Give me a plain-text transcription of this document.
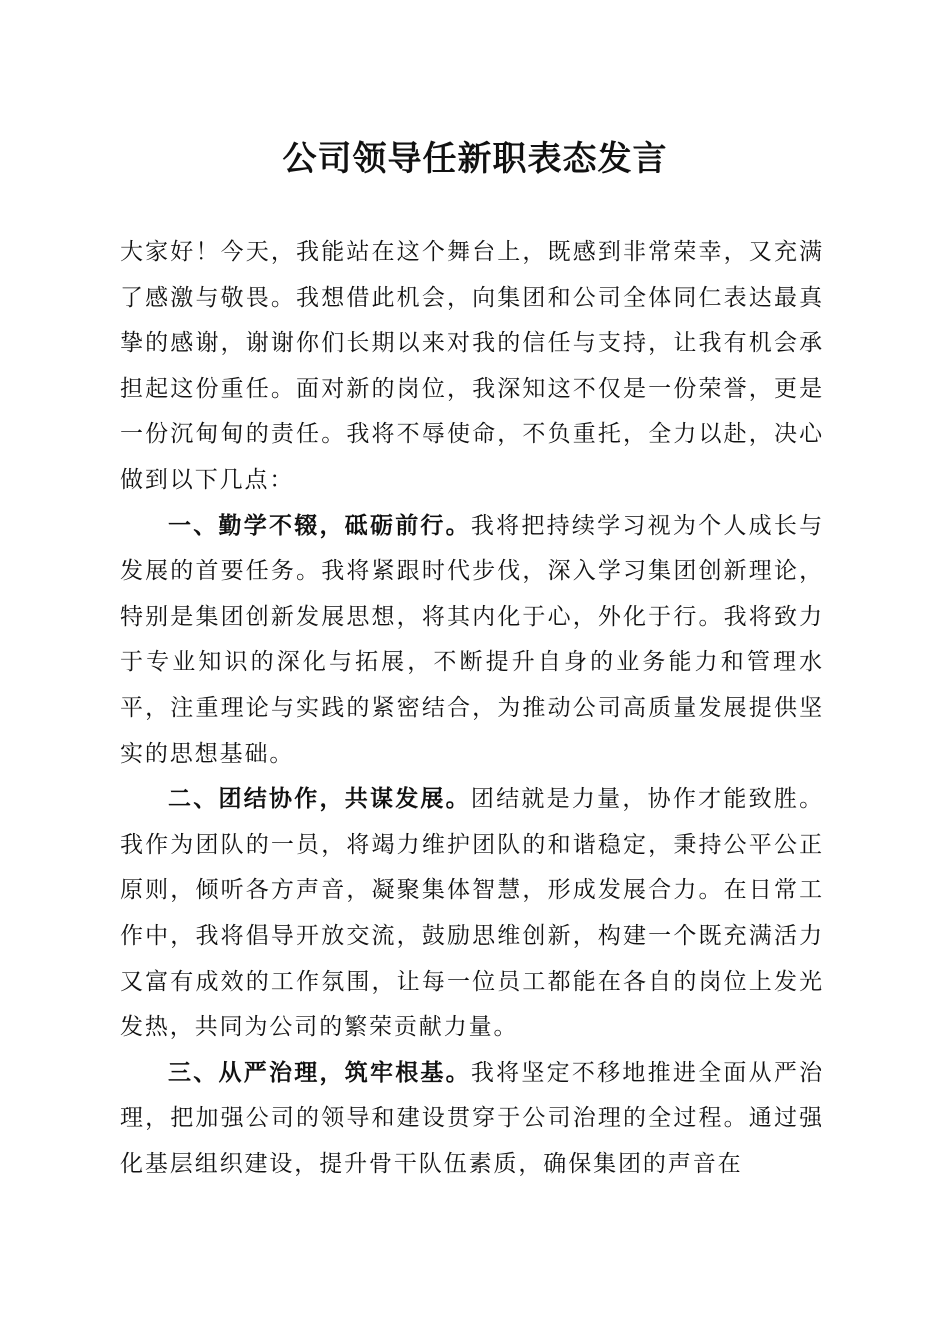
公司领导任新职表态发言

大家好！今天，我能站在这个舞台上，既感到非常荣幸，又充满了感激与敬畏。我想借此机会，向集团和公司全体同仁表达最真挚的感谢，谢谢你们长期以来对我的信任与支持，让我有机会承担起这份重任。面对新的岗位，我深知这不仅是一份荣誉，更是一份沉甸甸的责任。我将不辱使命，不负重托，全力以赴，决心做到以下几点：

一、勤学不辍，砥砺前行。我将把持续学习视为个人成长与发展的首要任务。我将紧跟时代步伐，深入学习集团创新理论，特别是集团创新发展思想，将其内化于心，外化于行。我将致力于专业知识的深化与拓展，不断提升自身的业务能力和管理水平，注重理论与实践的紧密结合，为推动公司高质量发展提供坚实的思想基础。

二、团结协作，共谋发展。团结就是力量，协作才能致胜。我作为团队的一员，将竭力维护团队的和谐稳定，秉持公平公正原则，倾听各方声音，凝聚集体智慧，形成发展合力。在日常工作中，我将倡导开放交流，鼓励思维创新，构建一个既充满活力又富有成效的工作氛围，让每一位员工都能在各自的岗位上发光发热，共同为公司的繁荣贡献力量。

三、从严治理，筑牢根基。我将坚定不移地推进全面从严治理，把加强公司的领导和建设贯穿于公司治理的全过程。通过强化基层组织建设，提升骨干队伍素质，确保集团的声音在
